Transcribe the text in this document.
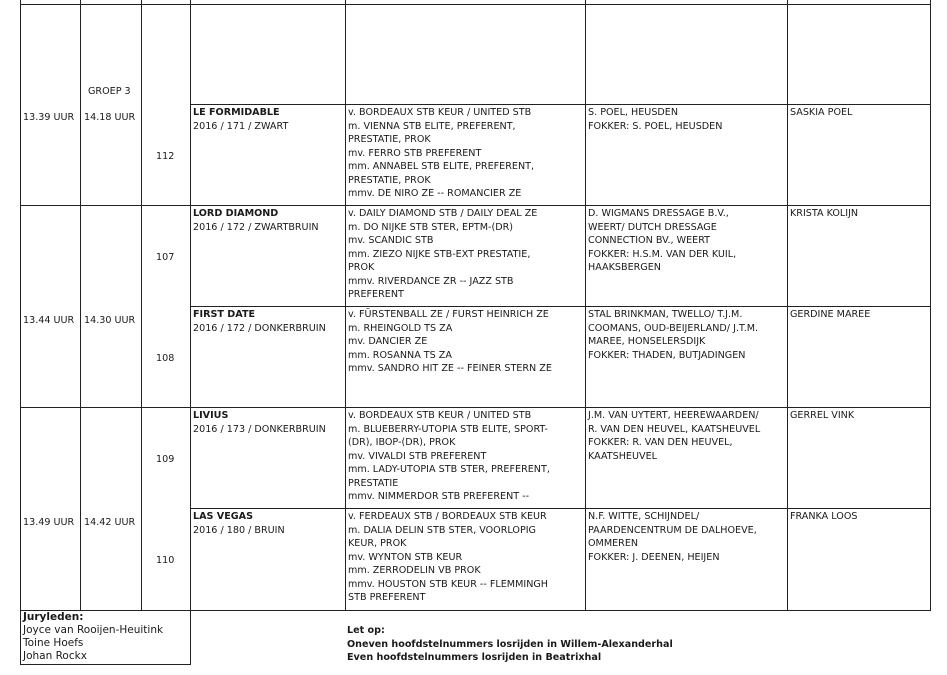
GROEP 3
13.39 UUR 14.18 UUR
112
LE FORMIDABLE
2016 / 171 / ZWART
v. BORDEAUX STB KEUR / UNITED STB
m. VIENNA STB ELITE, PREFERENT,
PRESTATIE, PROK
mv. FERRO STB PREFERENT
mm. ANNABEL STB ELITE, PREFERENT,
PRESTATIE, PROK
mmv. DE NIRO ZE -- ROMANCIER ZE
S. POEL, HEUSDEN
FOKKER: S. POEL, HEUSDEN
SASKIA POEL
13.44 UUR 14.30 UUR
107
LORD DIAMOND
2016 / 172 / ZWARTBRUIN
v. DAILY DIAMOND STB / DAILY DEAL ZE
m. DO NIJKE STB STER, EPTM-(DR)
mv. SCANDIC STB
mm. ZIEZO NIJKE STB-EXT PRESTATIE,
PROK
mmv. RIVERDANCE ZR -- JAZZ STB
PREFERENT
D. WIGMANS DRESSAGE B.V.,
WEERT/ DUTCH DRESSAGE
CONNECTION BV., WEERT
FOKKER: H.S.M. VAN DER KUIL,
HAAKSBERGEN
KRISTA KOLIJN
108
FIRST DATE
2016 / 172 / DONKERBRUIN
v. FÜRSTENBALL ZE / FURST HEINRICH ZE
m. RHEINGOLD TS ZA
mv. DANCIER ZE
mm. ROSANNA TS ZA
mmv. SANDRO HIT ZE -- FEINER STERN ZE
STAL BRINKMAN, TWELLO/ T.J.M.
COOMANS, OUD-BEIJERLAND/ J.T.M.
MAREE, HONSELERSDIJK
FOKKER: THADEN, BUTJADINGEN
GERDINE MAREE
13.49 UUR 14.42 UUR
109
LIVIUS
2016 / 173 / DONKERBRUIN
v. BORDEAUX STB KEUR / UNITED STB
m. BLUEBERRY-UTOPIA STB ELITE, SPORT-
(DR), IBOP-(DR), PROK
mv. VIVALDI STB PREFERENT
mm. LADY-UTOPIA STB STER, PREFERENT,
PRESTATIE
mmv. NIMMERDOR STB PREFERENT --
J.M. VAN UYTERT, HEEREWAARDEN/
R. VAN DEN HEUVEL, KAATSHEUVEL
FOKKER: R. VAN DEN HEUVEL,
KAATSHEUVEL
GERREL VINK
110
LAS VEGAS
2016 / 180 / BRUIN
v. FERDEAUX STB / BORDEAUX STB KEUR
m. DALIA DELIN STB STER, VOORLOPIG
KEUR, PROK
mv. WYNTON STB KEUR
mm. ZERRODELIN VB PROK
mmv. HOUSTON STB KEUR -- FLEMMINGH
STB PREFERENT
N.F. WITTE, SCHIJNDEL/
PAARDENCENTRUM DE DALHOEVE,
OMMEREN
FOKKER: J. DEENEN, HEIJEN
FRANKA LOOS
Juryleden:
Joyce van Rooijen-Heuitink
Toine Hoefs
Johan Rockx
Let op:
Oneven hoofdstelnummers losrijden in Willem-Alexanderhal
Even hoofdstelnummers losrijden in Beatrixhal
